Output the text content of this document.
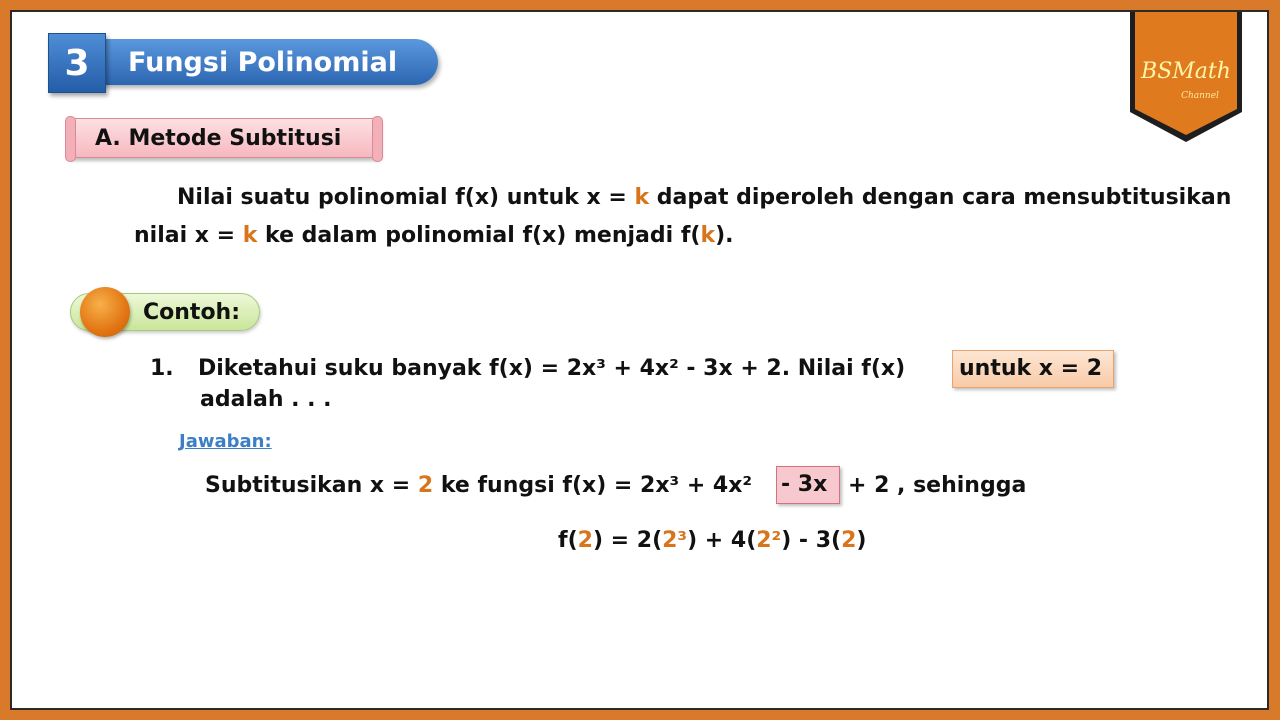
Fungsi Polinomial
3	BSMath
Channel
A. Metode Subtitusi
Nilai suatu polinomial f(x) untuk x = k dapat diperoleh dengan cara mensubtitusikan
nilai x = k ke dalam polinomial f(x) menjadi f(k).
Contoh:
1. Diketahui suku banyak f(x) = 2x³ + 4x² - 3x + 2. Nilai f(x)	untuk x = 2
adalah . . .
Jawaban:
Subtitusikan x = 2 ke fungsi f(x) = 2x³ + 4x² - 3x + 2 , sehingga
f(2) = 2(2³) + 4(2²) - 3(2)
